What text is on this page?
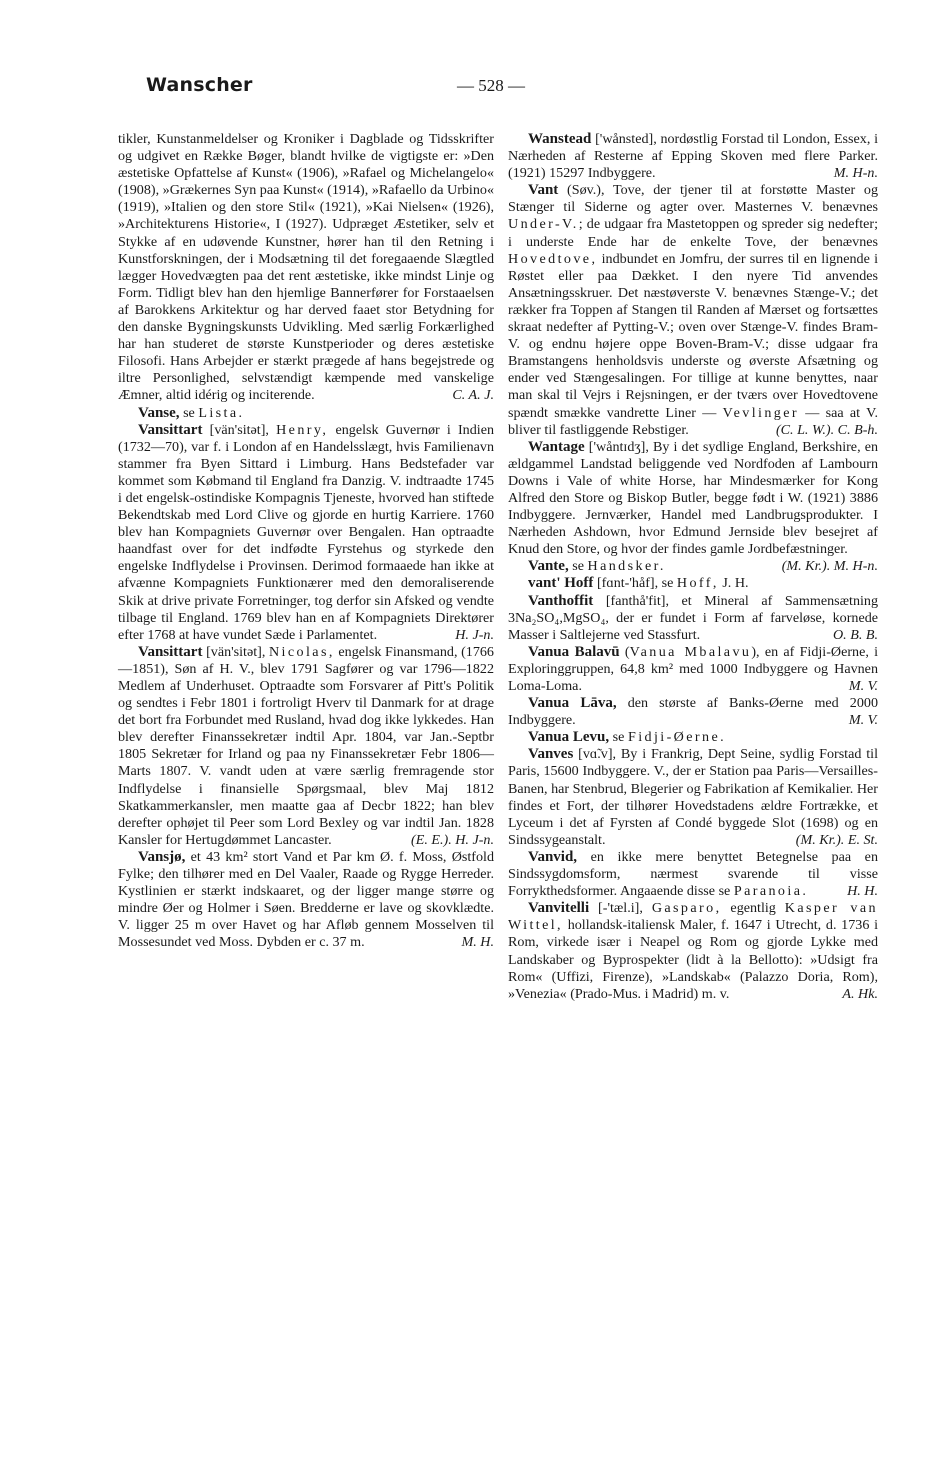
Wanscher	— 528 —

tikler, Kunstanmeldelser og Kroniker i Dagblade og Tidsskrifter og udgivet en Række Bøger, blandt hvilke de vigtigste er: »Den æstetiske Opfattelse af Kunst« (1906), »Rafael og Michelangelo« (1908), »Grækernes Syn paa Kunst« (1914), »Rafaello da Urbino« (1919), »Italien og den store Stil« (1921), »Kai Nielsen« (1926), »Architekturens Historie«, I (1927). Udpræget Æstetiker, selv et Stykke af en udøvende Kunstner, hører han til den Retning i Kunstforskningen, der i Modsætning til det foregaaende Slægtled lægger Hovedvægten paa det rent æstetiske, ikke mindst Linje og Form. Tidligt blev han den hjemlige Bannerfører for Forstaaelsen af Barokkens Arkitektur og har derved faaet stor Betydning for den danske Bygningskunsts Udvikling. Med særlig Forkærlighed har han studeret de største Kunstperioder og deres æstetiske Filosofi. Hans Arbejder er stærkt prægede af hans begejstrede og iltre Personlighed, selvstændigt kæmpende med vanskelige Æmner, altid idérig og inciterende.	C. A. J.

Vanse, se Lista.

Vansittart [vän'sitət], Henry, engelsk Guvernør i Indien (1732—70), var f. i London af en Handelsslægt, hvis Familienavn stammer fra Byen Sittard i Limburg. Hans Bedstefader var kommet som Købmand til England fra Danzig. V. indtraadte 1745 i det engelsk-ostindiske Kompagnis Tjeneste, hvorved han stiftede Bekendtskab med Lord Clive og gjorde en hurtig Karriere. 1760 blev han Kompagniets Guvernør over Bengalen. Han optraadte haandfast over for det indfødte Fyrstehus og styrkede den engelske Indflydelse i Provinsen. Derimod formaaede han ikke at afvænne Kompagniets Funktionærer med den demoraliserende Skik at drive private Forretninger, tog derfor sin Afsked og vendte tilbage til England. 1769 blev han en af Kompagniets Direktører efter 1768 at have vundet Sæde i Parlamentet.	H. J-n.

Vansittart [vän'sitət], Nicolas, engelsk Finansmand, (1766—1851), Søn af H. V., blev 1791 Sagfører og var 1796—1822 Medlem af Underhuset. Optraadte som Forsvarer af Pitt's Politik og sendtes i Febr 1801 i fortroligt Hverv til Danmark for at drage det bort fra Forbundet med Rusland, hvad dog ikke lykkedes. Han blev derefter Finanssekretær indtil Apr. 1804, var Jan.-Septbr 1805 Sekretær for Irland og paa ny Finanssekretær Febr 1806—Marts 1807. V. vandt uden at være særlig fremragende stor Indflydelse i finansielle Spørgsmaal, blev Maj 1812 Skatkammerkansler, men maatte gaa af Decbr 1822; han blev derefter ophøjet til Peer som Lord Bexley og var indtil Jan. 1828 Kansler for Hertugdømmet Lancaster.	(E. E.). H. J-n.

Vansjø, et 43 km² stort Vand et Par km Ø. f. Moss, Østfold Fylke; den tilhører med en Del Vaaler, Raade og Rygge Herreder. Kystlinien er stærkt indskaaret, og der ligger mange større og mindre Øer og Holmer i Søen. Bredderne er lave og skovklædte. V. ligger 25 m over Havet og har Afløb gennem Mosselven til Mossesundet ved Moss. Dybden er c. 37 m.	M. H.

Wanstead ['wånsted], nordøstlig Forstad til London, Essex, i Nærheden af Resterne af Epping Skoven med flere Parker. (1921) 15297 Indbyggere.	M. H-n.

Vant (Søv.), Tove, der tjener til at forstøtte Master og Stænger til Siderne og agter over. Masternes V. benævnes Under-V.; de udgaar fra Mastetoppen og spreder sig nedefter; i underste Ende har de enkelte Tove, der benævnes Hovedtove, indbundet en Jomfru, der surres til en lignende i Røstet eller paa Dækket. I den nyere Tid anvendes Ansætningsskruer. Det næstøverste V. benævnes Stænge-V.; det rækker fra Toppen af Stangen til Randen af Mærset og fortsættes skraat nedefter af Pytting-V.; oven over Stænge-V. findes Bram-V. og endnu højere oppe Boven-Bram-V.; disse udgaar fra Bramstangens henholdsvis underste og øverste Afsætning og ender ved Stængesalingen. For tillige at kunne benyttes, naar man skal til Vejrs i Rejsningen, er der tværs over Hovedtovene spændt smække vandrette Liner — Vevlinger — saa at V. bliver til fastliggende Rebstiger.	(C. L. W.). C. B-h.

Wantage ['wåntɪdʒ], By i det sydlige England, Berkshire, en ældgammel Landstad beliggende ved Nordfoden af Lambourn Downs i Vale of white Horse, har Mindesmærker for Kong Alfred den Store og Biskop Butler, begge født i W. (1921) 3886 Indbyggere. Jernværker, Handel med Landbrugsprodukter. I Nærheden Ashdown, hvor Edmund Jernside blev besejret af Knud den Store, og hvor der findes gamle Jordbefæstninger.
(M. Kr.). M. H-n.

Vante, se Handsker.

vant' Hoff [fɑnt-'håf], se Hoff, J. H.

Vanthoffit [fanthå'fit], et Mineral af Sammensætning 3Na₂SO₄,MgSO₄, der er fundet i Form af farveløse, kornede Masser i Saltlejerne ved Stassfurt.	O. B. B.

Vanua Balavū (Vanua Mbalavu), en af Fidji-Øerne, i Exploringgruppen, 64,8 km² med 1000 Indbyggere og Havnen Loma-Loma.	M. V.

Vanua Lāva, den største af Banks-Øerne med 2000 Indbyggere.	M. V.

Vanua Levu, se Fidji-Øerne.

Vanves [vɑ̃.v], By i Frankrig, Dept Seine, sydlig Forstad til Paris, 15600 Indbyggere. V., der er Station paa Paris—Versailles-Banen, har Stenbrud, Blegerier og Fabrikation af Kemikalier. Her findes et Fort, der tilhører Hovedstadens ældre Fortrække, et Lyceum i det af Fyrsten af Condé byggede Slot (1698) og en Sindssygeanstalt.	(M. Kr.). E. St.

Vanvid, en ikke mere benyttet Betegnelse paa en Sindssygdomsform, nærmest svarende til visse Forrykthedsformer. Angaaende disse se Paranoia.	H. H.

Vanvitelli [-'tæl.i], Gasparo, egentlig Kasper van Wittel, hollandsk-italiensk Maler, f. 1647 i Utrecht, d. 1736 i Rom, virkede især i Neapel og Rom og gjorde Lykke med Landskaber og Byprospekter (lidt à la Bellotto): »Udsigt fra Rom« (Uffizi, Firenze), »Landskab« (Palazzo Doria, Rom), »Venezia« (Prado-Mus. i Madrid) m. v.	A. Hk.
